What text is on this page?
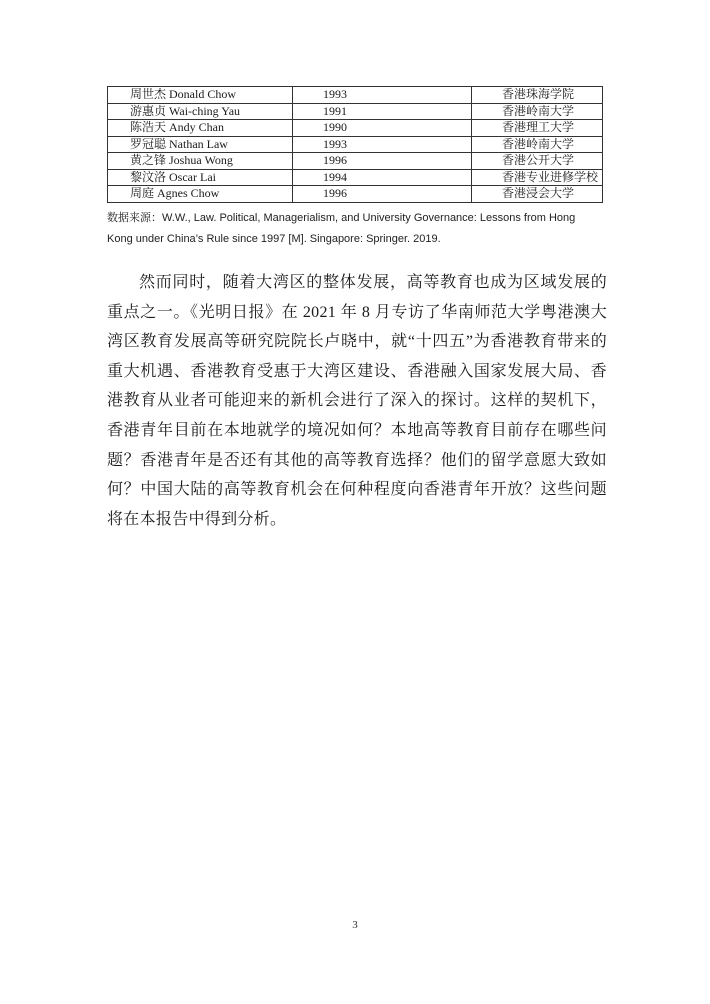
周世杰 Donald Chow	1993	香港珠海学院
游惠贞 Wai-ching Yau	1991	香港岭南大学
陈浩天 Andy Chan	1990	香港理工大学
罗冠聪 Nathan Law	1993	香港岭南大学
黄之锋 Joshua Wong	1996	香港公开大学
黎汶洛 Oscar Lai	1994	香港专业进修学校
周庭 Agnes Chow	1996	香港浸会大学
数据来源：W.W., Law. Political, Managerialism, and University Governance: Lessons from Hong
Kong under China’s Rule since 1997 [M]. Singapore: Springer. 2019.

然而同时，随着大湾区的整体发展，高等教育也成为区域发展的重点之一。《光明日报》在 2021 年 8 月专访了华南师范大学粤港澳大湾区教育发展高等研究院院长卢晓中，就“十四五”为香港教育带来的重大机遇、香港教育受惠于大湾区建设、香港融入国家发展大局、香港教育从业者可能迎来的新机会进行了深入的探讨。这样的契机下，香港青年目前在本地就学的境况如何？本地高等教育目前存在哪些问题？香港青年是否还有其他的高等教育选择？他们的留学意愿大致如何？中国大陆的高等教育机会在何种程度向香港青年开放？这些问题将在本报告中得到分析。

3
